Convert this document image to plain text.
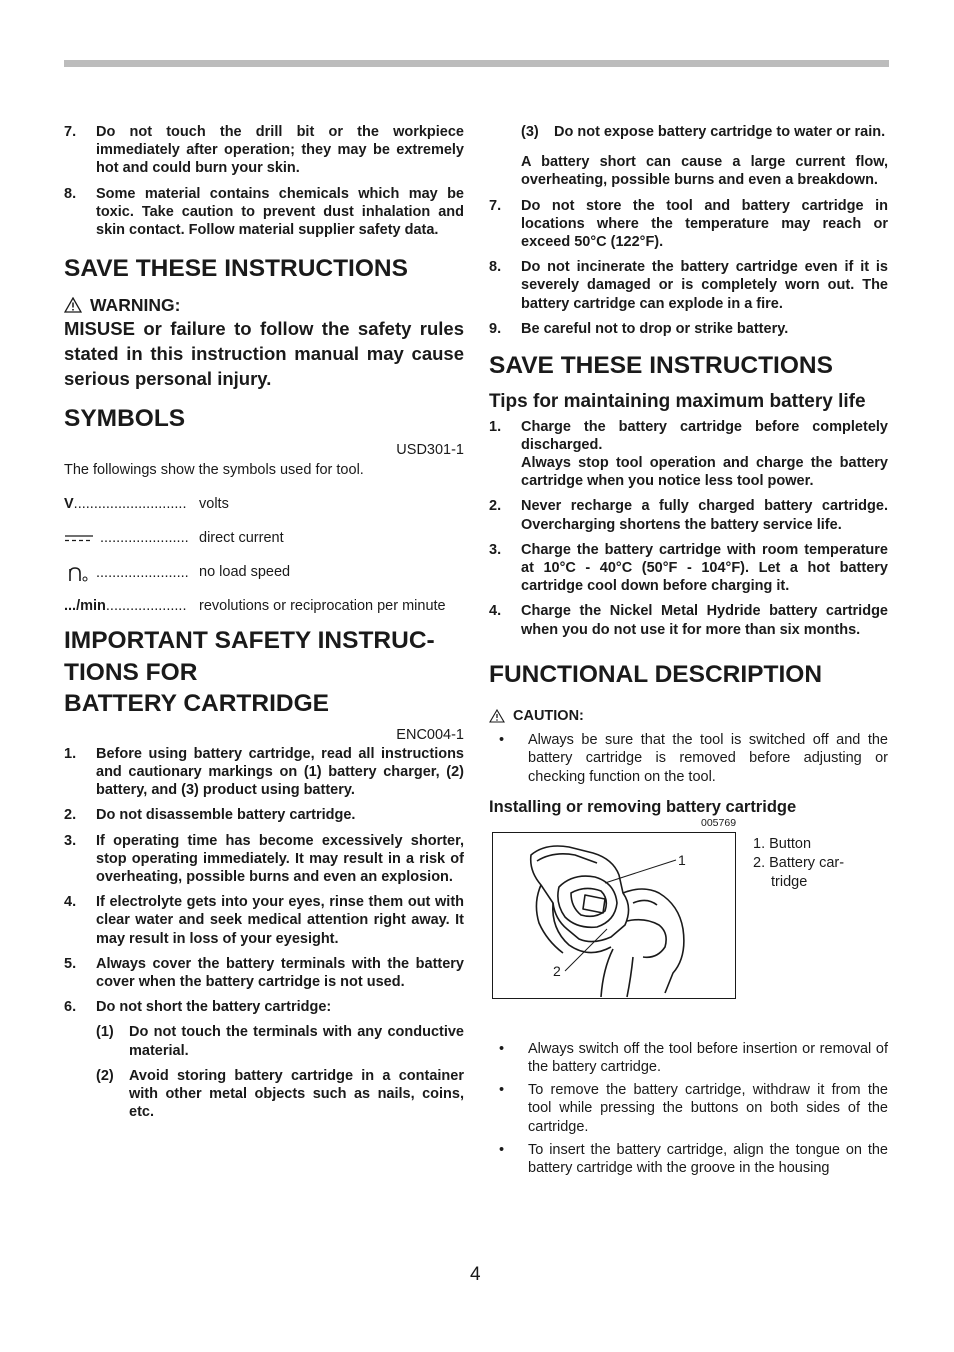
7.	Do not touch the drill bit or the workpiece immediately after operation; they may be extremely hot and could burn your skin.
8.	Some material contains chemicals which may be toxic. Take caution to prevent dust inhalation and skin contact. Follow material supplier safety data.
SAVE THESE INSTRUCTIONS
WARNING:
MISUSE or failure to follow the safety rules stated in this instruction manual may cause serious personal injury.
SYMBOLS
USD301-1
The followings show the symbols used for tool.
V............................ volts
...................... direct current
....................... no load speed
.../min.................... revolutions or reciprocation per minute
IMPORTANT SAFETY INSTRUC-
TIONS FOR
BATTERY CARTRIDGE
ENC004-1
1.	Before using battery cartridge, read all instructions and cautionary markings on (1) battery charger, (2) battery, and (3) product using battery.
2.	Do not disassemble battery cartridge.
3.	If operating time has become excessively shorter, stop operating immediately. It may result in a risk of overheating, possible burns and even an explosion.
4.	If electrolyte gets into your eyes, rinse them out with clear water and seek medical attention right away. It may result in loss of your eyesight.
5.	Always cover the battery terminals with the battery cover when the battery cartridge is not used.
6.	Do not short the battery cartridge:
(1)	Do not touch the terminals with any conductive material.
(2)	Avoid storing battery cartridge in a container with other metal objects such as nails, coins, etc.
(3)	Do not expose battery cartridge to water or rain.
A battery short can cause a large current flow, overheating, possible burns and even a breakdown.
7.	Do not store the tool and battery cartridge in locations where the temperature may reach or exceed 50°C (122°F).
8.	Do not incinerate the battery cartridge even if it is severely damaged or is completely worn out. The battery cartridge can explode in a fire.
9.	Be careful not to drop or strike battery.
SAVE THESE INSTRUCTIONS
Tips for maintaining maximum battery life
1.	Charge the battery cartridge before completely discharged.
Always stop tool operation and charge the battery cartridge when you notice less tool power.
2.	Never recharge a fully charged battery cartridge. Overcharging shortens the battery service life.
3.	Charge the battery cartridge with room temperature at 10°C - 40°C (50°F - 104°F). Let a hot battery cartridge cool down before charging it.
4.	Charge the Nickel Metal Hydride battery cartridge when you do not use it for more than six months.
FUNCTIONAL DESCRIPTION
CAUTION:
•	Always be sure that the tool is switched off and the battery cartridge is removed before adjusting or checking function on the tool.
Installing or removing battery cartridge
005769
1
2
1. Button
2. Battery car-
tridge
•	Always switch off the tool before insertion or removal of the battery cartridge.
•	To remove the battery cartridge, withdraw it from the tool while pressing the buttons on both sides of the cartridge.
•	To insert the battery cartridge, align the tongue on the battery cartridge with the groove in the housing
4
